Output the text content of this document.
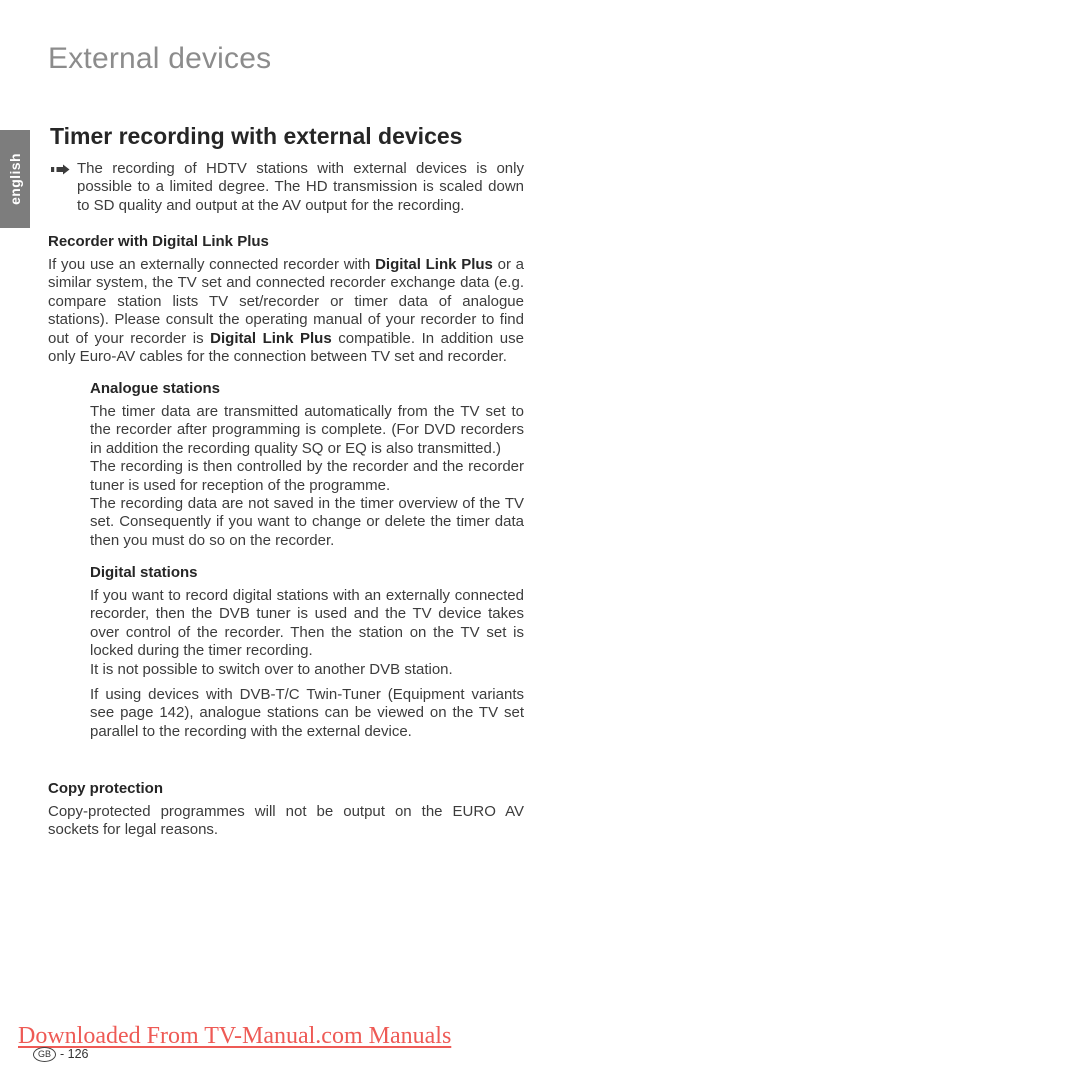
External devices
english
Timer recording with external devices
The recording of HDTV stations with external devices is only possible to a limited degree. The HD transmission is scaled down to SD quality and output at the AV output for the recording.
Recorder with Digital Link Plus

If you use an externally connected recorder with Digital Link Plus or a similar system, the TV set and connected recorder exchange data (e.g. compare station lists TV set/recorder or timer data of analogue stations). Please consult the operating manual of your recorder to find out of your recorder is Digital Link Plus compatible. In addition use only Euro-AV cables for the connection between TV set and recorder.

Analogue stations

The timer data are transmitted automatically from the TV set to the recorder after programming is complete. (For DVD recorders in addition the recording quality SQ or EQ is also transmitted.)

The recording is then controlled by the recorder and the recorder tuner is used for reception of the programme.

The recording data are not saved in the timer overview of the TV set. Consequently if you want to change or delete the timer data then you must do so on the recorder.

Digital stations

If you want to record digital stations with an externally connected recorder, then the DVB tuner is used and the TV device takes over control of the recorder. Then the station on the TV set is locked during the timer recording.

It is not possible to switch over to another DVB station.

If using devices with DVB-T/C Twin-Tuner (Equipment variants see page 142), analogue stations can be viewed on the TV set parallel to the recording with the external device.

Copy protection

Copy-protected programmes will not be output on the EURO AV sockets for legal reasons.

Downloaded From TV-Manual.com Manuals
GB - 126
